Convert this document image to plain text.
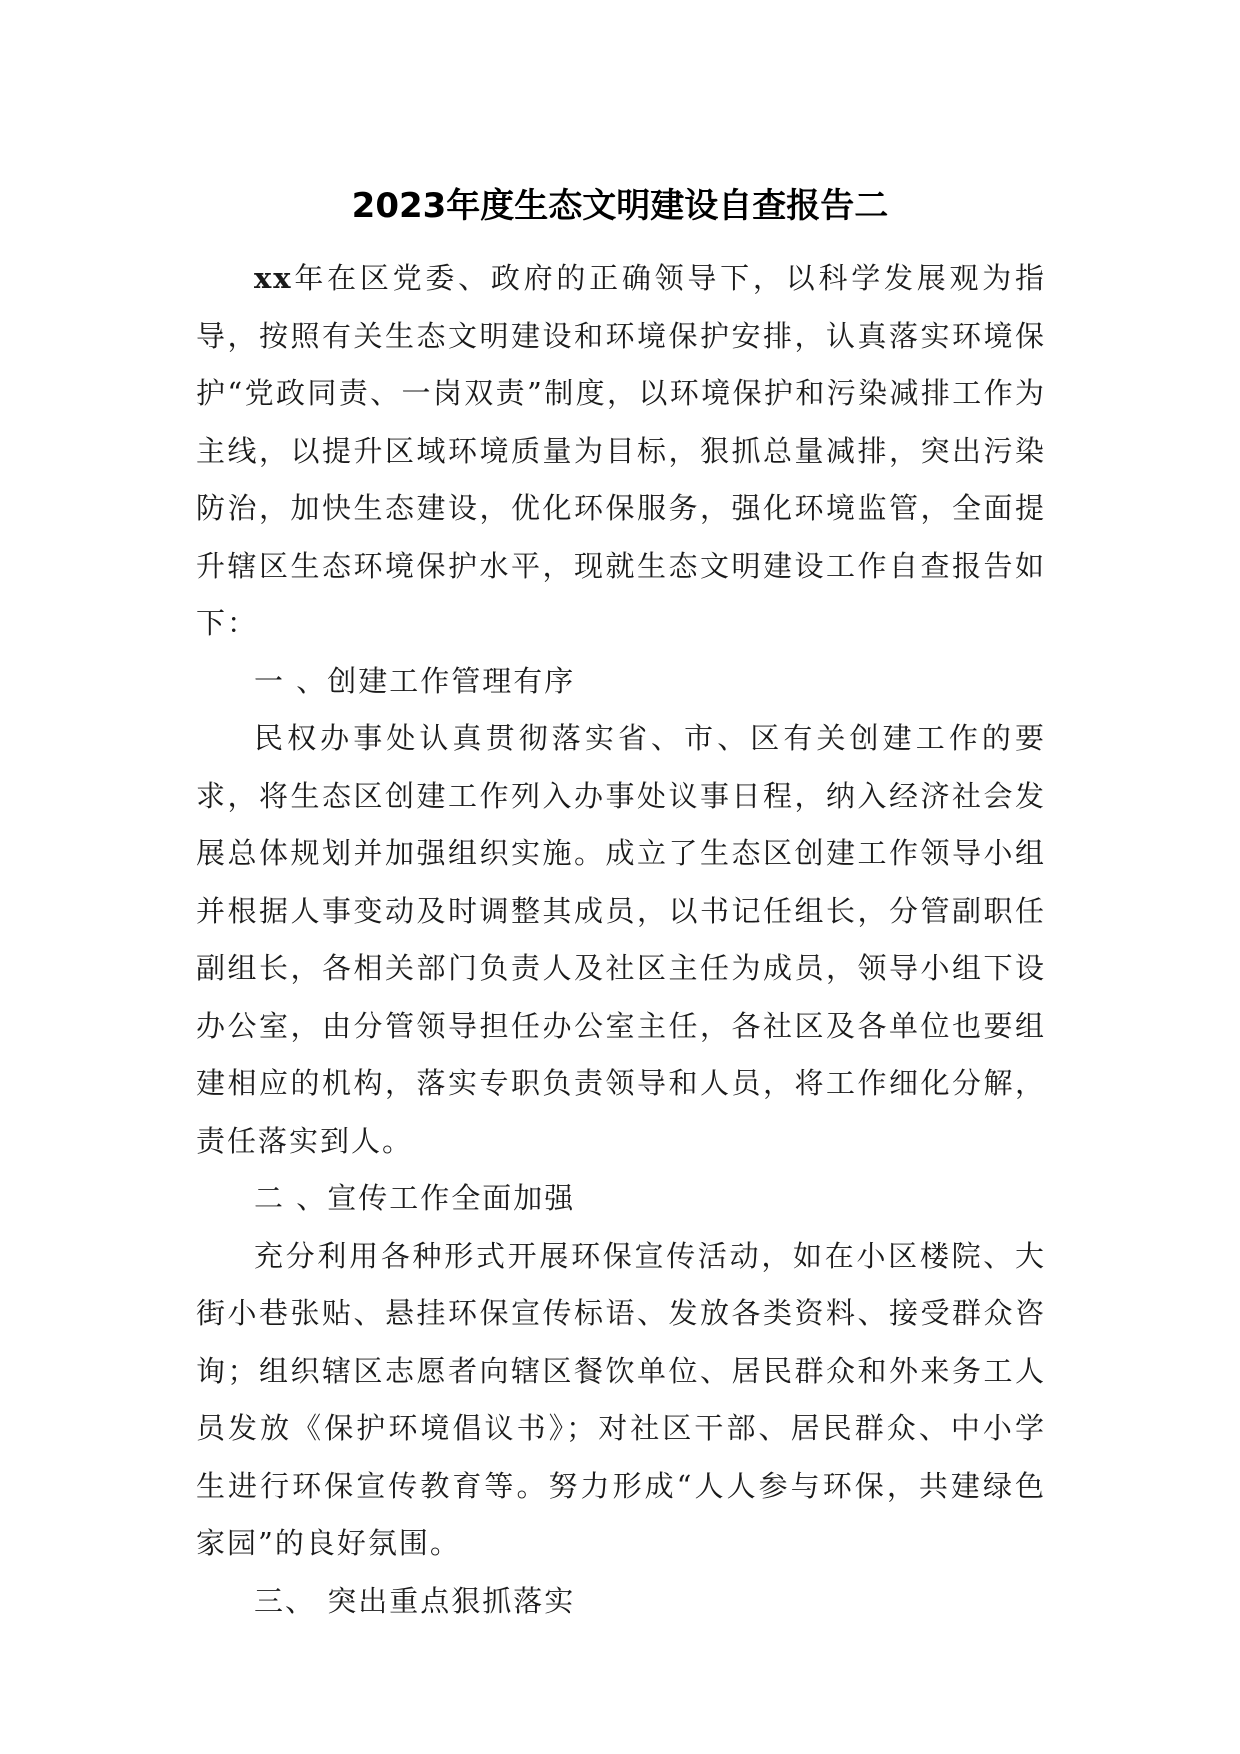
2023年度生态文明建设自查报告二

xx年在区党委、政府的正确领导下，以科学发展观为指导，按照有关生态文明建设和环境保护安排，认真落实环境保护“党政同责、一岗双责”制度，以环境保护和污染减排工作为主线，以提升区域环境质量为目标，狠抓总量减排，突出污染防治，加快生态建设，优化环保服务，强化环境监管，全面提升辖区生态环境保护水平，现就生态文明建设工作自查报告如下：

一 、创建工作管理有序

民权办事处认真贯彻落实省、市、区有关创建工作的要求，将生态区创建工作列入办事处议事日程，纳入经济社会发展总体规划并加强组织实施。成立了生态区创建工作领导小组并根据人事变动及时调整其成员，以书记任组长，分管副职任副组长，各相关部门负责人及社区主任为成员，领导小组下设办公室，由分管领导担任办公室主任，各社区及各单位也要组建相应的机构，落实专职负责领导和人员，将工作细化分解，责任落实到人。

二 、宣传工作全面加强

充分利用各种形式开展环保宣传活动，如在小区楼院、大街小巷张贴、悬挂环保宣传标语、发放各类资料、接受群众咨询；组织辖区志愿者向辖区餐饮单位、居民群众和外来务工人员发放《保护环境倡议书》；对社区干部、居民群众、中小学生进行环保宣传教育等。努力形成“人人参与环保，共建绿色家园”的良好氛围。

三、 突出重点狠抓落实
